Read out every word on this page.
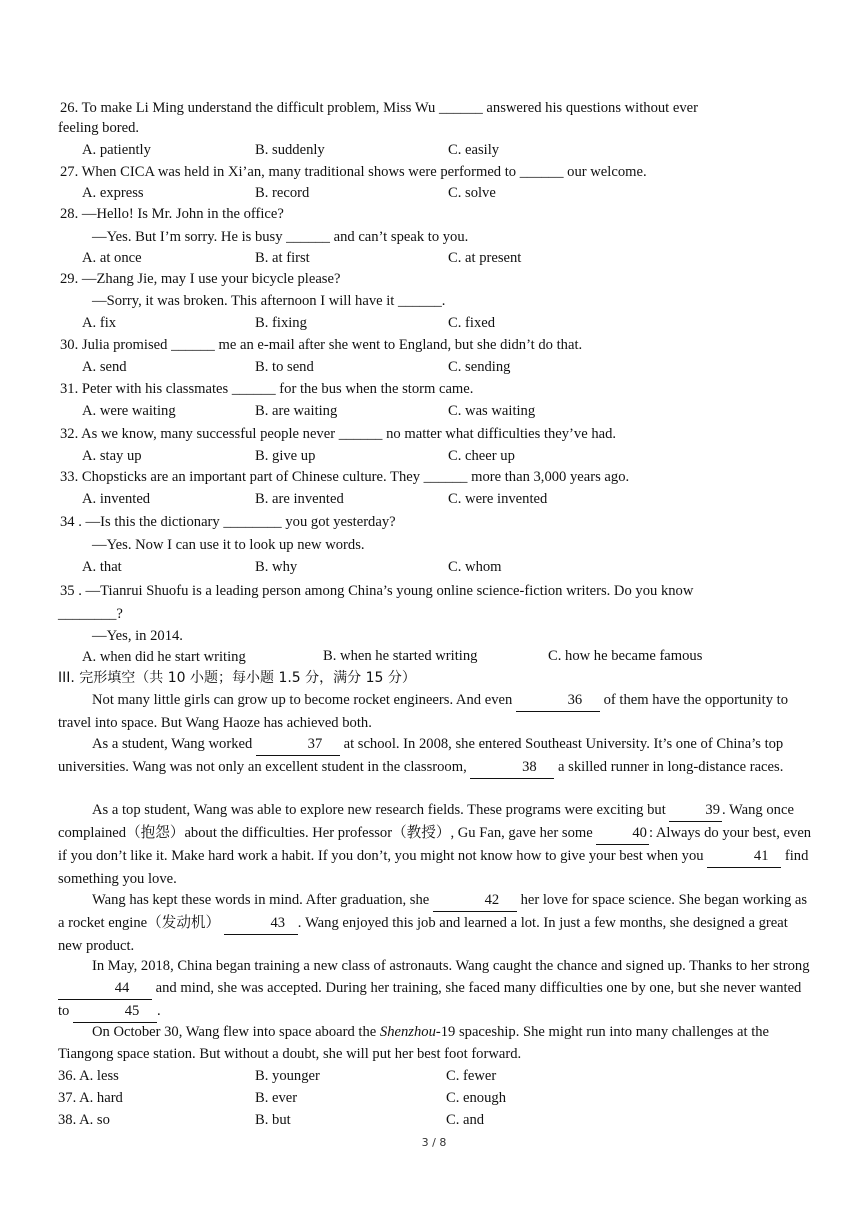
26. To make Li Ming understand the difficult problem, Miss Wu ______ answered his questions without ever
feeling bored.
A. patiently	B. suddenly	C. easily
27. When CICA was held in Xi’an, many traditional shows were performed to ______ our welcome.
A. express	B. record	C. solve
28. —Hello! Is Mr. John in the office?
—Yes. But I’m sorry. He is busy ______ and can’t speak to you.
A. at once	B. at first	C. at present
29. —Zhang Jie, may I use your bicycle please?
—Sorry, it was broken. This afternoon I will have it ______.
A. fix	B. fixing	C. fixed
30. Julia promised ______ me an e-mail after she went to England, but she didn’t do that.
A. send	B. to send	C. sending
31. Peter with his classmates ______ for the bus when the storm came.
A. were waiting	B. are waiting	C. was waiting
32. As we know, many successful people never ______ no matter what difficulties they’ve had.
A. stay up	B. give up	C. cheer up
33. Chopsticks are an important part of Chinese culture. They ______ more than 3,000 years ago.
A. invented	B. are invented	C. were invented
34 . —Is this the dictionary ________ you got yesterday?
—Yes. Now I can use it to look up new words.
A. that	B. why	C. whom
35 . —Tianrui Shuofu is a leading person among China’s young online science-fiction writers. Do you know
________?
—Yes, in 2014.
A. when did he start writing	B. when he started writing	C. how he became famous
III. 完形填空（共 10 小题；每小题 1.5 分，满分 15 分）
Not many little girls can grow up to become rocket engineers. And even	36 of them have the opportunity to travel into space. But Wang Haoze has achieved both.
As a student, Wang worked	37 at school. In 2008, she entered Southeast University. It’s one of China’s top universities. Wang was not only an excellent student in the classroom,	38 a skilled runner in long-distance races.
As a top student, Wang was able to explore new research fields. These programs were exciting but	39 . Wang once complained（抱怨）about the difficulties. Her professor（教授）, Gu Fan, gave her some	40 : Always do your best, even if you don’t like it. Make hard work a habit. If you don’t, you might not know how to give your best when you	41 find something you love.
Wang has kept these words in mind. After graduation, she	42 her love for space science. She began working as a rocket engine（发动机）	43 . Wang enjoyed this job and learned a lot. In just a few months, she designed a great new product.
In May, 2018, China began training a new class of astronauts. Wang caught the chance and signed up. Thanks to her strong 44 and mind, she was accepted. During her training, she faced many difficulties one by one, but she never wanted to	45 .
On October 30, Wang flew into space aboard the Shenzhou-19 spaceship. She might run into many challenges at the Tiangong space station. But without a doubt, she will put her best foot forward.
36. A. less	B. younger	C. fewer
37. A. hard	B. ever	C. enough
38. A. so	B. but	C. and
3 / 8
